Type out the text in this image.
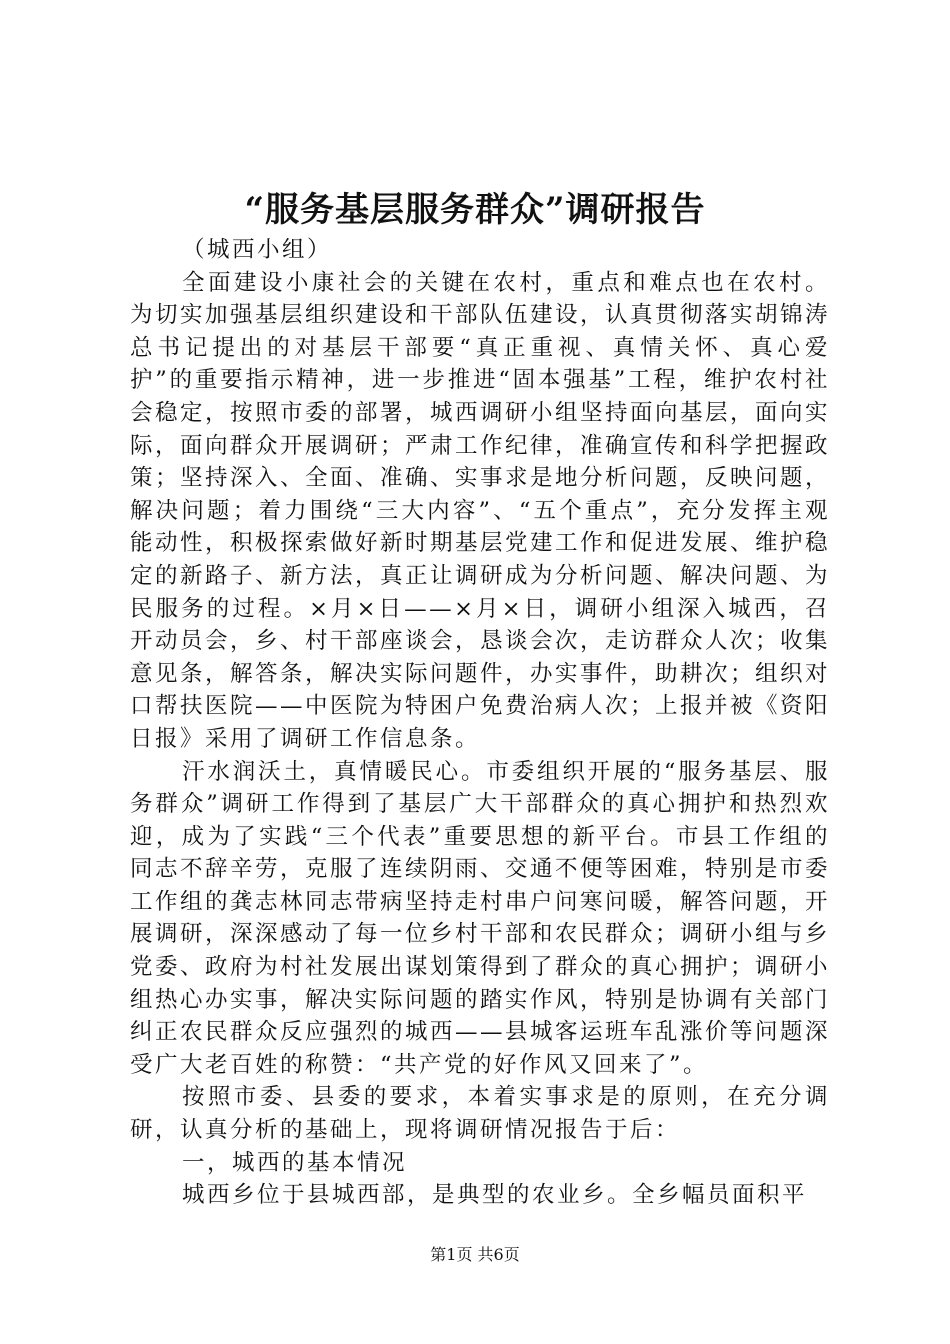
“服务基层服务群众”调研报告

（城西小组）

全面建设小康社会的关键在农村，重点和难点也在农村。为切实加强基层组织建设和干部队伍建设，认真贯彻落实胡锦涛总书记提出的对基层干部要“真正重视、真情关怀、真心爱护”的重要指示精神，进一步推进“固本强基”工程，维护农村社会稳定，按照市委的部署，城西调研小组坚持面向基层，面向实际，面向群众开展调研；严肃工作纪律，准确宣传和科学把握政策；坚持深入、全面、准确、实事求是地分析问题，反映问题，解决问题；着力围绕“三大内容”、“五个重点”，充分发挥主观能动性，积极探索做好新时期基层党建工作和促进发展、维护稳定的新路子、新方法，真正让调研成为分析问题、解决问题、为民服务的过程。×月×日——×月×日，调研小组深入城西，召开动员会，乡、村干部座谈会，恳谈会次，走访群众人次；收集意见条，解答条，解决实际问题件，办实事件，助耕次；组织对口帮扶医院——中医院为特困户免费治病人次；上报并被《资阳日报》采用了调研工作信息条。

汗水润沃土，真情暖民心。市委组织开展的“服务基层、服务群众”调研工作得到了基层广大干部群众的真心拥护和热烈欢迎，成为了实践“三个代表”重要思想的新平台。市县工作组的同志不辞辛劳，克服了连续阴雨、交通不便等困难，特别是市委工作组的龚志林同志带病坚持走村串户问寒问暖，解答问题，开展调研，深深感动了每一位乡村干部和农民群众；调研小组与乡党委、政府为村社发展出谋划策得到了群众的真心拥护；调研小组热心办实事，解决实际问题的踏实作风，特别是协调有关部门纠正农民群众反应强烈的城西——县城客运班车乱涨价等问题深受广大老百姓的称赞：“共产党的好作风又回来了”。

按照市委、县委的要求，本着实事求是的原则，在充分调研，认真分析的基础上，现将调研情况报告于后：

一，城西的基本情况

城西乡位于县城西部，是典型的农业乡。全乡幅员面积平

第1页 共6页
